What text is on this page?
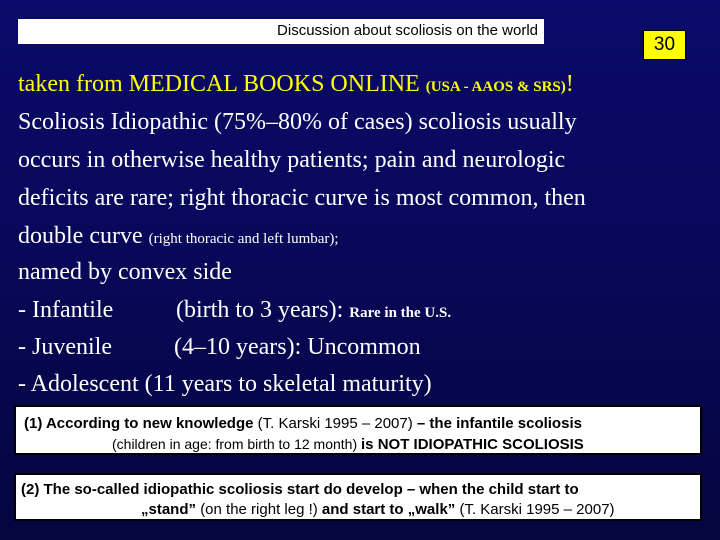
Discussion about scoliosis on the world
30
taken from MEDICAL BOOKS ONLINE (USA - AAOS & SRS)!
Scoliosis Idiopathic (75%–80% of cases) scoliosis usually
occurs in otherwise healthy patients; pain and neurologic
deficits are rare; right thoracic curve is most common, then
double curve (right thoracic and left lumbar);
named by convex side
- Infantile	(birth to 3 years): Rare in the U.S.
- Juvenile	(4–10 years): Uncommon
- Adolescent (11 years to skeletal maturity)
(1) According to new knowledge (T. Karski 1995 – 2007) – the infantile scoliosis
(children in age: from birth to 12 month) is NOT IDIOPATHIC SCOLIOSIS
(2) The so-called idiopathic scoliosis start do develop – when the child start to
„stand” (on the right leg !) and start to „walk” (T. Karski 1995 – 2007)
